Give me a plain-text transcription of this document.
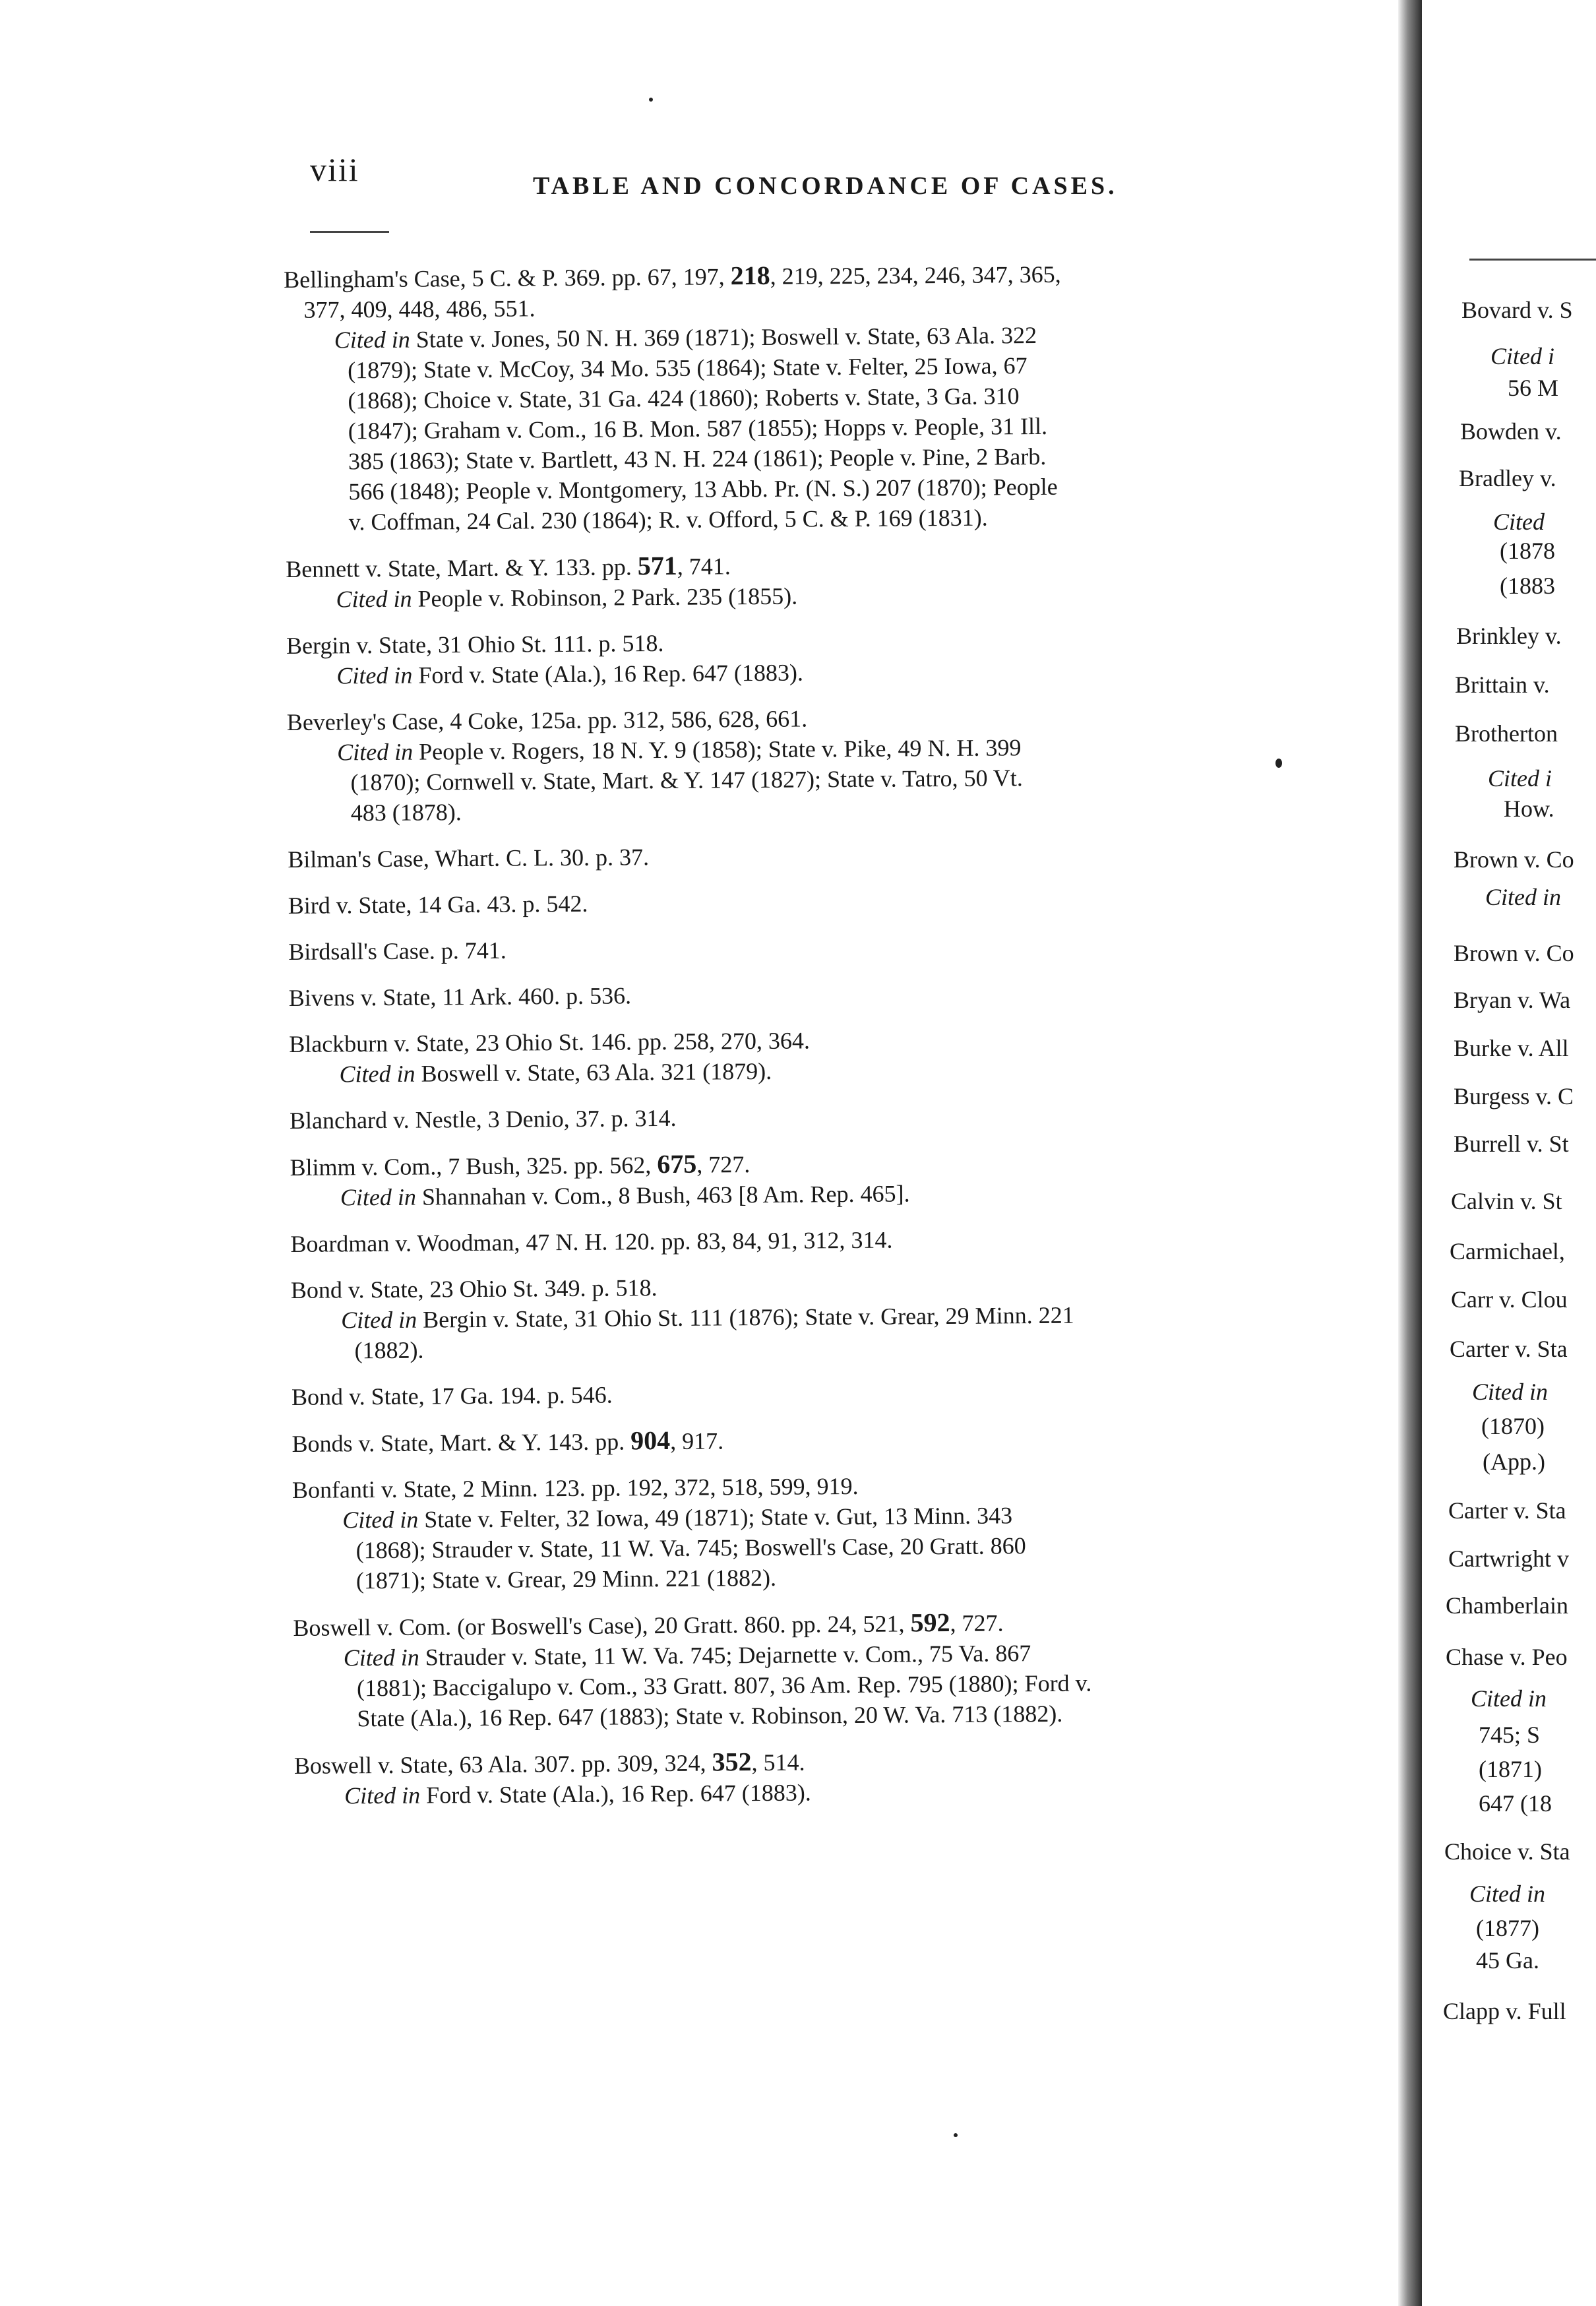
viii	TABLE AND CONCORDANCE OF CASES.
Bellingham's Case, 5 C. & P. 369. pp. 67, 197, 218, 219, 225, 234, 246, 347, 365,
377, 409, 448, 486, 551.
Cited in State v. Jones, 50 N. H. 369 (1871); Boswell v. State, 63 Ala. 322
(1879); State v. McCoy, 34 Mo. 535 (1864); State v. Felter, 25 Iowa, 67
(1868); Choice v. State, 31 Ga. 424 (1860); Roberts v. State, 3 Ga. 310
(1847); Graham v. Com., 16 B. Mon. 587 (1855); Hopps v. People, 31 Ill.
385 (1863); State v. Bartlett, 43 N. H. 224 (1861); People v. Pine, 2 Barb.
566 (1848); People v. Montgomery, 13 Abb. Pr. (N. S.) 207 (1870); People
v. Coffman, 24 Cal. 230 (1864); R. v. Offord, 5 C. & P. 169 (1831).
Bennett v. State, Mart. & Y. 133. pp. 571, 741.
Cited in People v. Robinson, 2 Park. 235 (1855).
Bergin v. State, 31 Ohio St. 111. p. 518.
Cited in Ford v. State (Ala.), 16 Rep. 647 (1883).
Beverley's Case, 4 Coke, 125a. pp. 312, 586, 628, 661.
Cited in People v. Rogers, 18 N. Y. 9 (1858); State v. Pike, 49 N. H. 399
(1870); Cornwell v. State, Mart. & Y. 147 (1827); State v. Tatro, 50 Vt.
483 (1878).
Bilman's Case, Whart. C. L. 30. p. 37.
Bird v. State, 14 Ga. 43. p. 542.
Birdsall's Case. p. 741.
Bivens v. State, 11 Ark. 460. p. 536.
Blackburn v. State, 23 Ohio St. 146. pp. 258, 270, 364.
Cited in Boswell v. State, 63 Ala. 321 (1879).
Blanchard v. Nestle, 3 Denio, 37. p. 314.
Blimm v. Com., 7 Bush, 325. pp. 562, 675, 727.
Cited in Shannahan v. Com., 8 Bush, 463 [8 Am. Rep. 465].
Boardman v. Woodman, 47 N. H. 120. pp. 83, 84, 91, 312, 314.
Bond v. State, 23 Ohio St. 349. p. 518.
Cited in Bergin v. State, 31 Ohio St. 111 (1876); State v. Grear, 29 Minn. 221
(1882).
Bond v. State, 17 Ga. 194. p. 546.
Bonds v. State, Mart. & Y. 143. pp. 904, 917.
Bonfanti v. State, 2 Minn. 123. pp. 192, 372, 518, 599, 919.
Cited in State v. Felter, 32 Iowa, 49 (1871); State v. Gut, 13 Minn. 343
(1868); Strauder v. State, 11 W. Va. 745; Boswell's Case, 20 Gratt. 860
(1871); State v. Grear, 29 Minn. 221 (1882).
Boswell v. Com. (or Boswell's Case), 20 Gratt. 860. pp. 24, 521, 592, 727.
Cited in Strauder v. State, 11 W. Va. 745; Dejarnette v. Com., 75 Va. 867
(1881); Baccigalupo v. Com., 33 Gratt. 807, 36 Am. Rep. 795 (1880); Ford v.
State (Ala.), 16 Rep. 647 (1883); State v. Robinson, 20 W. Va. 713 (1882).
Boswell v. State, 63 Ala. 307. pp. 309, 324, 352, 514.
Cited in Ford v. State (Ala.), 16 Rep. 647 (1883).
Bovard v. S
Cited i
56 M
Bowden v.
Bradley v.
Cited
(1878
(1883
Brinkley v.
Brittain v.
Brotherton
Cited i
How.
Brown v. Co
Cited in
Brown v. Co
Bryan v. Wa
Burke v. All
Burgess v. C
Burrell v. St
Calvin v. St
Carmichael,
Carr v. Clou
Carter v. Sta
Cited in
(1870)
(App.)
Carter v. Sta
Cartwright v
Chamberlain
Chase v. Peo
Cited in
745; S
(1871)
647 (18
Choice v. Sta
Cited in
(1877)
45 Ga.
Clapp v. Full
